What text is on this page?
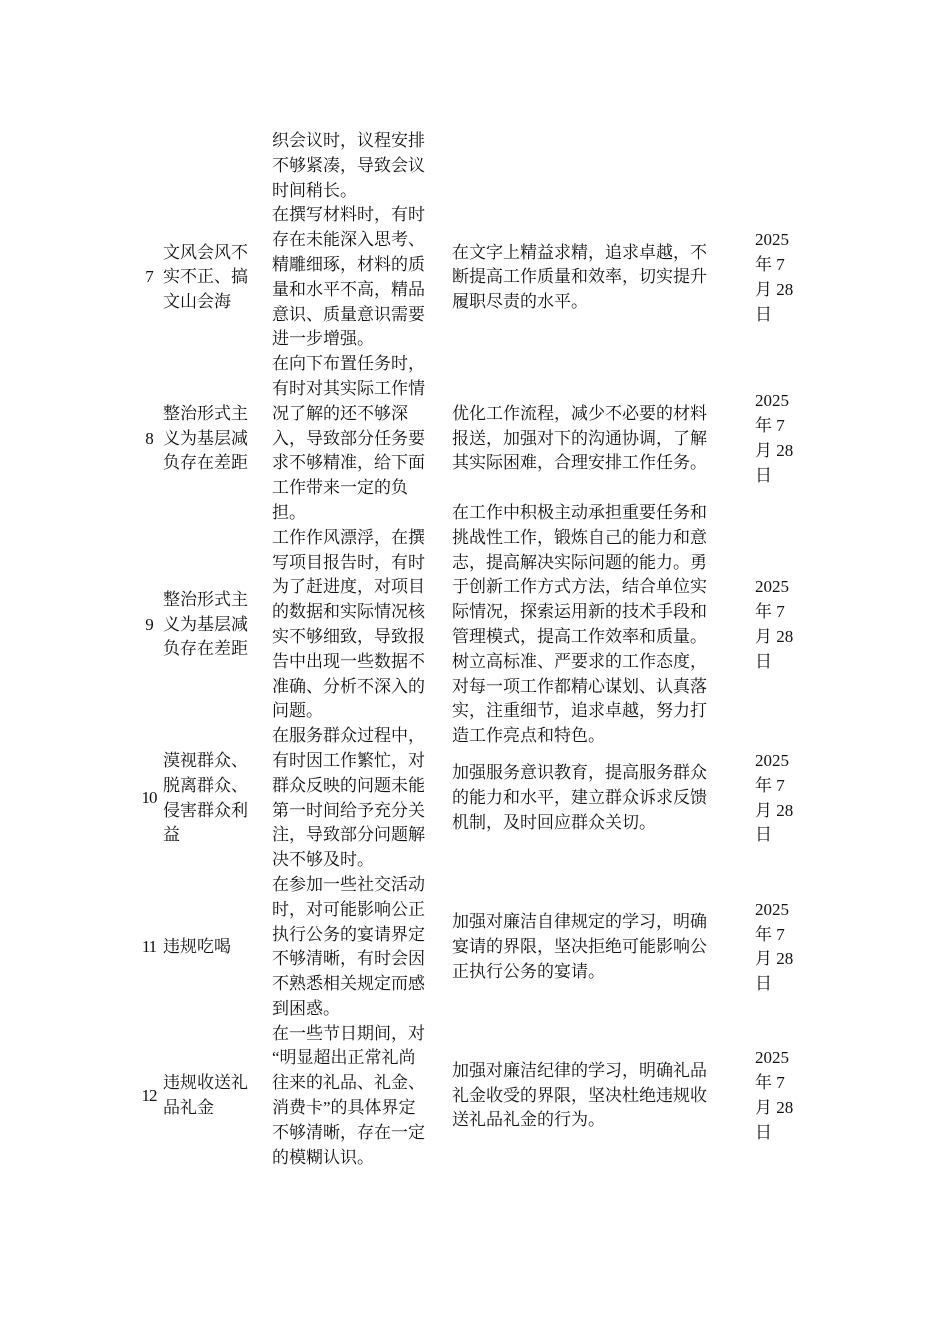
织会议时，议程安排
不够紧凑，导致会议
时间稍长。
7
文风会风不
实不正、搞
文山会海
在撰写材料时，有时
存在未能深入思考、
精雕细琢，材料的质
量和水平不高，精品
意识、质量意识需要
进一步增强。
在文字上精益求精，追求卓越，不
断提高工作质量和效率，切实提升
履职尽责的水平。
2025
年 7
月 28
日
8
整治形式主
义为基层减
负存在差距
在向下布置任务时，
有时对其实际工作情
况了解的还不够深
入，导致部分任务要
求不够精准，给下面
工作带来一定的负
担。
优化工作流程，减少不必要的材料
报送，加强对下的沟通协调，了解
其实际困难，合理安排工作任务。
2025
年 7
月 28
日
9
整治形式主
义为基层减
负存在差距
工作作风漂浮，在撰
写项目报告时，有时
为了赶进度，对项目
的数据和实际情况核
实不够细致，导致报
告中出现一些数据不
准确、分析不深入的
问题。
在工作中积极主动承担重要任务和
挑战性工作，锻炼自己的能力和意
志，提高解决实际问题的能力。勇
于创新工作方式方法，结合单位实
际情况，探索运用新的技术手段和
管理模式，提高工作效率和质量。
树立高标准、严要求的工作态度，
对每一项工作都精心谋划、认真落
实，注重细节，追求卓越，努力打
造工作亮点和特色。
2025
年 7
月 28
日
10
漠视群众、
脱离群众、
侵害群众利
益
在服务群众过程中，
有时因工作繁忙，对
群众反映的问题未能
第一时间给予充分关
注，导致部分问题解
决不够及时。
加强服务意识教育，提高服务群众
的能力和水平，建立群众诉求反馈
机制，及时回应群众关切。
2025
年 7
月 28
日
11 违规吃喝
在参加一些社交活动
时，对可能影响公正
执行公务的宴请界定
不够清晰，有时会因
不熟悉相关规定而感
到困惑。
加强对廉洁自律规定的学习，明确
宴请的界限，坚决拒绝可能影响公
正执行公务的宴请。
2025
年 7
月 28
日
12
违规收送礼
品礼金
在一些节日期间，对
“明显超出正常礼尚
往来的礼品、礼金、
消费卡”的具体界定
不够清晰，存在一定
的模糊认识。
加强对廉洁纪律的学习，明确礼品
礼金收受的界限，坚决杜绝违规收
送礼品礼金的行为。
2025
年 7
月 28
日
